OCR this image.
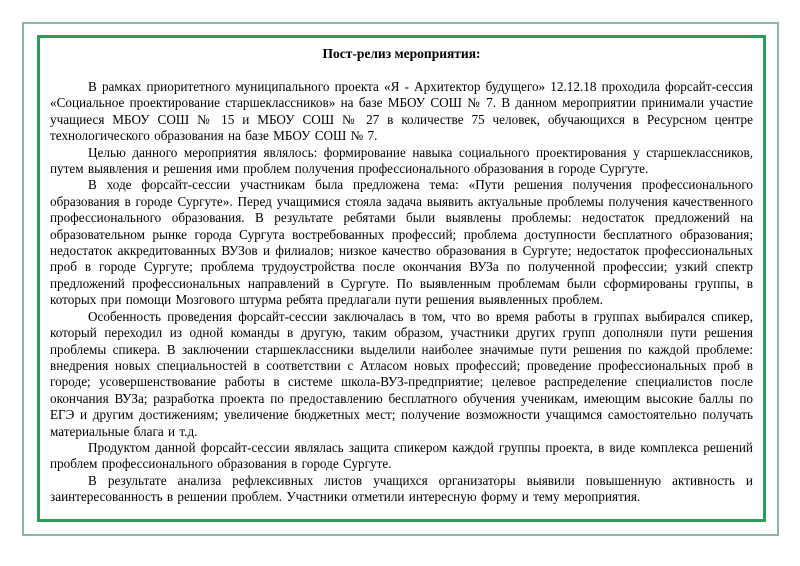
Пост-релиз мероприятия:

В рамках приоритетного муниципального проекта «Я - Архитектор будущего» 12.12.18 проходила форсайт-сессия «Социальное проектирование старшеклассников» на базе МБОУ СОШ № 7. В данном мероприятии принимали участие учащиеся МБОУ СОШ № 15 и МБОУ СОШ № 27 в количестве 75 человек, обучающихся в Ресурсном центре технологического образования на базе МБОУ СОШ № 7.

Целью данного мероприятия являлось: формирование навыка социального проектирования у старшеклассников, путем выявления и решения ими проблем получения профессионального образования в городе Сургуте.

В ходе форсайт-сессии участникам была предложена тема: «Пути решения получения профессионального образования в городе Сургуте». Перед учащимися стояла задача выявить актуальные проблемы получения качественного профессионального образования. В результате ребятами были выявлены проблемы: недостаток предложений на образовательном рынке города Сургута востребованных профессий; проблема доступности бесплатного образования; недостаток аккредитованных ВУЗов и филиалов; низкое качество образования в Сургуте; недостаток профессиональных проб в городе Сургуте; проблема трудоустройства после окончания ВУЗа по полученной профессии; узкий спектр предложений профессиональных направлений в Сургуте. По выявленным проблемам были сформированы группы, в которых при помощи Мозгового штурма ребята предлагали пути решения выявленных проблем.

Особенность проведения форсайт-сессии заключалась в том, что во время работы в группах выбирался спикер, который переходил из одной команды в другую, таким образом, участники других групп дополняли пути решения проблемы спикера. В заключении старшеклассники выделили наиболее значимые пути решения по каждой проблеме: внедрения новых специальностей в соответствии с Атласом новых профессий; проведение профессиональных проб в городе; усовершенствование работы в системе школа-ВУЗ-предприятие; целевое распределение специалистов после окончания ВУЗа; разработка проекта по предоставлению бесплатного обучения ученикам, имеющим высокие баллы по ЕГЭ и другим достижениям; увеличение бюджетных мест; получение возможности учащимся самостоятельно получать материальные блага и т.д.

Продуктом данной форсайт-сессии являлась защита спикером каждой группы проекта, в виде комплекса решений проблем профессионального образования в городе Сургуте.

В результате анализа рефлексивных листов учащихся организаторы выявили повышенную активность и заинтересованность в решении проблем. Участники отметили интересную форму и тему мероприятия.
